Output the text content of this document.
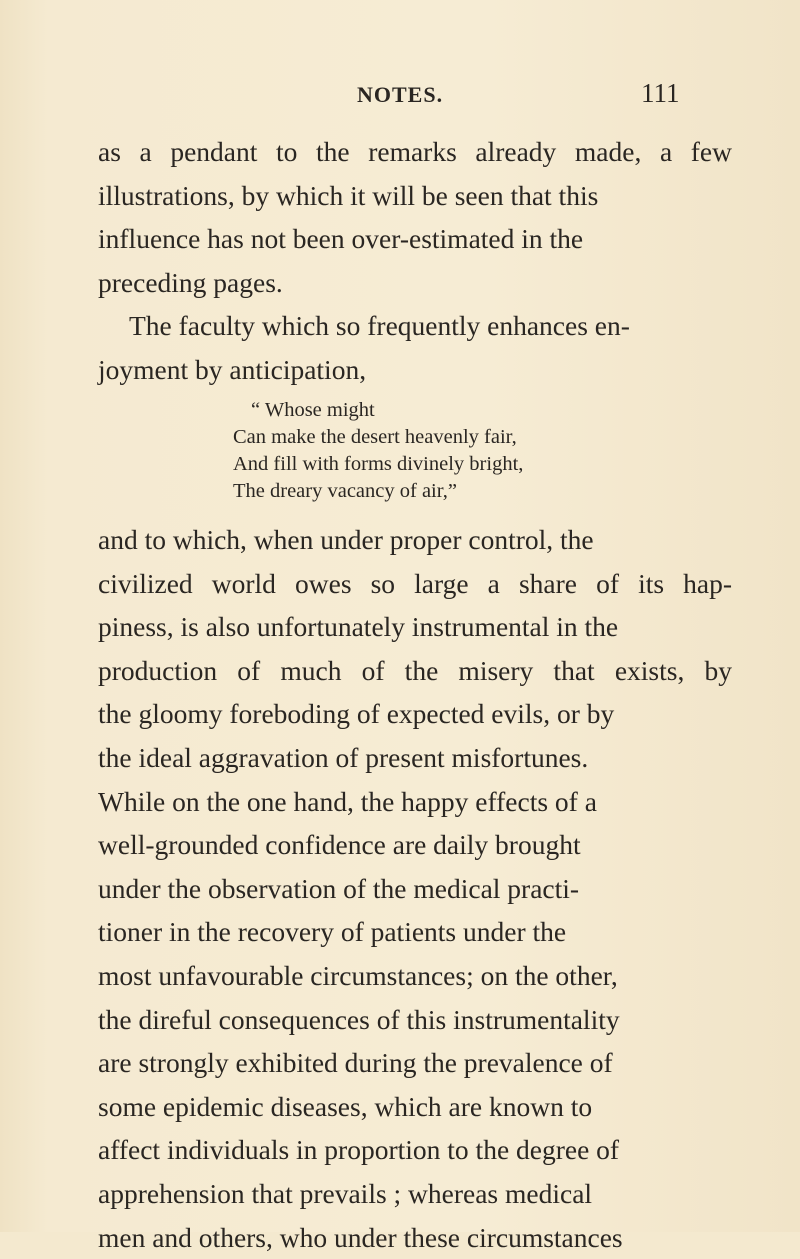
NOTES.	111
as a pendant to the remarks already made, a few
illustrations, by which it will be seen that this
influence has not been over-estimated in the
preceding pages.
The faculty which so frequently enhances en-
joyment by anticipation,
“ Whose might
Can make the desert heavenly fair,
And fill with forms divinely bright,
The dreary vacancy of air,”
and to which, when under proper control, the
civilized world owes so large a share of its hap-
piness, is also unfortunately instrumental in the
production of much of the misery that exists, by
the gloomy foreboding of expected evils, or by
the ideal aggravation of present misfortunes.
While on the one hand, the happy effects of a
well-grounded confidence are daily brought
under the observation of the medical practi-
tioner in the recovery of patients under the
most unfavourable circumstances; on the other,
the direful consequences of this instrumentality
are strongly exhibited during the prevalence of
some epidemic diseases, which are known to
affect individuals in proportion to the degree of
apprehension that prevails ; whereas medical
men and others, who under these circumstances
